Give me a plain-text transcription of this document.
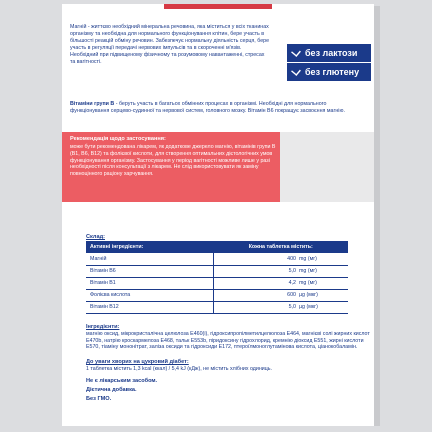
Магній - життєво необхідний мінеральна речовина, яка міститься у всіх тканинах організму та необхідна для нормального функціонування клітин, бере участь в більшості реакцій обміну речовин. Забезпечує нормальну діяльність серця, бере участь в регуляції передачі нервових імпульсів та в скороченні м'язів. Необхідний при підвищеному фізичному та розумовому навантаженні, стресах та вагітності.

без лактози
без глютену
Вітаміни групи В - беруть участь в багатьох обмінних процесах в організмі. Необхідні для нормального функціонування серцево-судинної та нервової систем, головного мозку. Вітамін B6 покращує засвоєння магнію.
Рекомендація щодо застосування:
може бути рекомендована лікарем, як додаткове джерело магнію, вітамінів групи В (B1, B6, B12) та фолієвої кислоти, для створення оптимальних дієтологічних умов функціонування організму. Застосування у період вагітності можливе лише у разі необхідності після консультації з лікарем. Не слід використовувати як заміну повноцінного раціону харчування.
Склад:
Активні інгредієнти:	Кожна таблетка містить:	
Магній	400	mg (мг)
Вітамін B6	5,0	mg (мг)
Вітамін B1	4,2	mg (мг)
Фолієва кислота	600	µg (мкг)
Вітамін B12	5,0	µg (мкг)
Інгредієнти:
магнію оксид, мікрокристалічна целюлоза E460(i), гідроксипропілметилцелюлоза E464, магнієві солі жирних кислот E470b, натрію кроскармелоза E468, тальк E553b, піридоксину гідрохлорид, кремнію діоксид E551, жирні кислоти E570, тіаміну мононітрат, заліза оксиди та гідроксиди E172, птероїлмоноглутамінова кислота, ціанокобаламін.
До уваги хворих на цукровий діабет:
1 таблетка містить 1,3 kcal (ккал) / 5,4 kJ (кДж), не містить хлібних одиниць.
Не є лікарським засобом.
Дієтична добавка.
Без ГМО.
